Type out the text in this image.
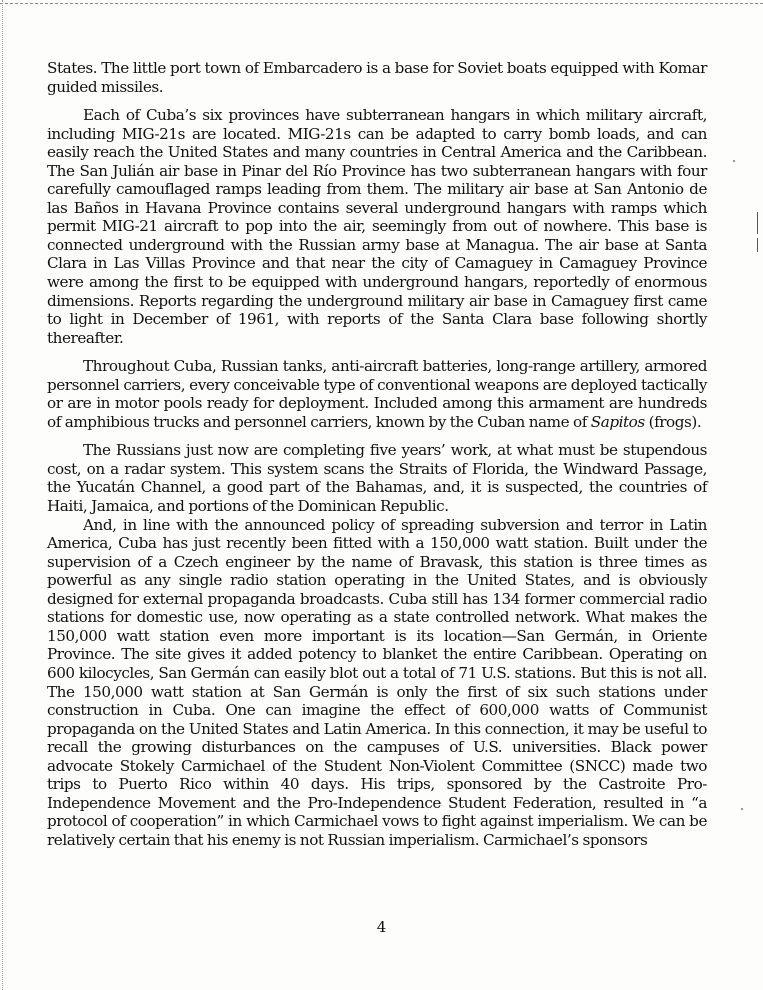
States. The little port town of Embarcadero is a base for Soviet boats equipped with Komar guided missiles.

Each of Cuba’s six provinces have subterranean hangars in which military aircraft, including MIG-21s are located. MIG-21s can be adapted to carry bomb loads, and can easily reach the United States and many countries in Central America and the Caribbean. The San Julián air base in Pinar del Río Province has two subterranean hangars with four carefully camouflaged ramps leading from them. The military air base at San Antonio de las Baños in Havana Province contains several underground hangars with ramps which permit MIG-21 aircraft to pop into the air, seemingly from out of nowhere. This base is connected underground with the Russian army base at Managua. The air base at Santa Clara in Las Villas Province and that near the city of Camaguey in Camaguey Province were among the first to be equipped with underground hangars, reportedly of enormous dimensions. Reports regarding the underground military air base in Camaguey first came to light in December of 1961, with reports of the Santa Clara base following shortly thereafter.

Throughout Cuba, Russian tanks, anti-aircraft batteries, long-range artillery, armored personnel carriers, every conceivable type of conventional weapons are deployed tactically or are in motor pools ready for deployment. Included among this armament are hundreds of amphibious trucks and personnel carriers, known by the Cuban name of Sapitos (frogs).

The Russians just now are completing five years’ work, at what must be stupendous cost, on a radar system. This system scans the Straits of Florida, the Windward Passage, the Yucatán Channel, a good part of the Bahamas, and, it is suspected, the countries of Haiti, Jamaica, and portions of the Dominican Republic.

And, in line with the announced policy of spreading subversion and terror in Latin America, Cuba has just recently been fitted with a 150,000 watt station. Built under the supervision of a Czech engineer by the name of Bravask, this station is three times as powerful as any single radio station operating in the United States, and is obviously designed for external propaganda broadcasts. Cuba still has 134 former commercial radio stations for domestic use, now operating as a state controlled network. What makes the 150,000 watt station even more important is its location—San Germán, in Oriente Province. The site gives it added potency to blanket the entire Caribbean. Operating on 600 kilocycles, San Germán can easily blot out a total of 71 U.S. stations. But this is not all. The 150,000 watt station at San Germán is only the first of six such stations under construction in Cuba. One can imagine the effect of 600,000 watts of Communist propaganda on the United States and Latin America. In this connection, it may be useful to recall the growing disturbances on the campuses of U.S. universities. Black power advocate Stokely Carmichael of the Student Non-Violent Committee (SNCC) made two trips to Puerto Rico within 40 days. His trips, sponsored by the Castroite Pro-Independence Movement and the Pro-Independence Student Federation, resulted in “a protocol of cooperation” in which Carmichael vows to fight against imperialism. We can be relatively certain that his enemy is not Russian imperialism. Carmichael’s sponsors

4
